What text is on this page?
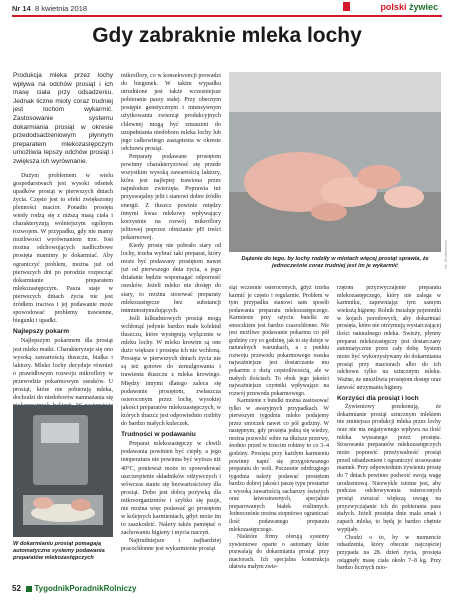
Nr 14 8 kwietnia 2018	polski żywiec
Gdy zabraknie mleka lochy

Produkcja mleka przez lochy wpływa na odchów prosiąt i ich masę ciała przy odsadzeniu. Jednak liczne mioty coraz trudniej jest lochom wykarmić. Zastosowanie systemu dokarmiania prosiąt w okresie przedodsadzeniowym płynnym preparatem mlekozastępczym umożliwia lepszy odchów prosiąt i zwiększa ich wyrównanie.

Dużym problemem w wielu gospodarstwach jest wysoki odsetek upadków prosiąt w pierwszych dniach życia. Często jest to efekt zwiększonej plenności macior. Ponadto prosięta wiedy rodzą się z niższą masą ciała i charakteryzują wolniejszym ogólnym rozwojem. W przypadku, gdy nie mamy możliwości wyrównaniem trze. Iosi można odchowujących nadliczbowe prosięta mamimy je dokarmiać. Aby ograniczyć problem, można już od pierwszych dni po porodzie rozpocząć dokarmianie preparatem mlekozastępczym. Pasza staje w pierwszych dniach życia nie jest źródłem traciwa i jej podawanie może spowodować problemy trawienne, biegunki i upadki.

Najlepszy pokarm

Najlepszym pokarmem dla prosiąt jest mleko matki. Charakteryzuje się ono wysoką zawartością tłuszczu, białka i laktozy. Mleko lochy decyduje również o prawidłowym rozwoju mikroflory w przewodzie pokarmowym osesków. U prosiąt, które nie pobierają mleka, dochodzi do niedoborów namnażania się

W dokarmianiu prosiąt pomagają automatyczne systemy podawania preparatów mlekozastępczych

mikroflory, co w konsekwencji prowadzi do biegunek. W takim wypadku utrudnione jest także wczesniejsze pobieranie paszy stałej. Przy obecnym postępie genetycznym i intensywnym użytkowaniu zwierząt produkcyjnych chlewnej mogą być zmuszeni do uzupełniania niedoboru mleka lochy lub jego całkowitego zastąpienia w okresie odchowu prosiąt.

Preparaty podawane prosiętom powinny charakteryzować się przede wszystkim wysoką zawartością laktozy, która jest najlepiej trawiona przez najmłodsze zwierzęta. Poprawia też przyswajalny jelit i stanowi dobre źródło energii. Z tłuszcz powinie między innymi kwas mlekowy wpływający korzystnie na rozwój mikroflory jelitowej poprzez obniżanie pH treści pokarmowej.

Kiedy prosię nie pobrało siary od lochy, trzeba wybrać taki preparat, który może być podawany prosiętom nawet już od pierwszego dnia życia, a jego działanie będzie wspomagać odporność osesków. Jeżeli mleko nie dostęp do siary, to można stosować preparaty mlekozastępcze bez substancji immunostymulujących.

Jeśli kilkudniowych prosiąt mogą wchłonąć jedynie bardzo małe kolektuł tłuszczu, które występują wyłącznie w mleku lochy. W mleku krowim są one dużo większe i prosięta ich nie wchłoną. Prosięta w pierwszych dniach życia nie są też gotowe do zemulgowania i trawienia tłuszczu z mleka krowiego. Między innymi dlatego zaleca się podawanie prosiętom, zwłaszcza osieroconym przez lochę, wysokiej jakości preparatów mlekozastępczych, w których tłuszcz jest odpowiednio rozbity do bardzo małych kuleczek.

Trudności w podawaniu

Preparat mlekozastępczy w chwili podawania powinien być ciepły, a jego temperatura nie powinna być wyższa niż 40°C, ponieważ może to spowodować uszczerpienie składników odżywczych i wówczas stanie się bezwartościowy dla prosiąt. Dobo jest dobrą pożywką dla mikroorganizmów i szybko się psuje, nie można więc podawać go prosiętom w kolejnych karmieniach, gdyż może im to zaszkodzić. Należy także pamiętać o zachowaniu higieny i mycia naczyń.

Najtrudniejsze i najbardziej pracochłonne jest wykarmienie prosiąt

fot. Shutterstock
Dążenie do tego, by lochy rodziły w miotach więcej prosiąt sprawia, że jednocześnie coraz trudniej jest im je wykarmić

siąt wcześnie osieroconych, gdyż trzeba karmić je często i regularnie. Problem w tym przypadku stanowi sam sposób podawania preparatu mlekozastępczego. Karmienie przy użyciu butelki ze smoczkiem jest bardzo czasochłonne. Nie jest możliwe podawanie pokarmu co pół godziny czy co godzinę, jak to się dzieje w naturalnych warunkach, a z punktu rozwoju przewodu pokarmowego oseska najważniejsze jest dostarczanie mu pokarmu z dużą częstotliwością, ale w małych ilościach. To obok jego jakości najważniejsze czynniki wpływające na rozwój przewodu pokarmowego.

Karmienie z butelki można zastosować tylko w awaryjnych przypadkach. W pierwszym tygodniu mleko podajemy przez smoczek nawet co pół godziny. W następnym, gdy prosięta jedną się wiedzy, można pozwolić sobie na dłuższe przerwy, średnio przed w trzecim robimy to co 3–4 godziny. Prosięta przy każdym karmieniu powinny napić się przygotowanego preparatu do woli. Poczesnie odrdrugiego tygodnia należy podawać prosiętom bardzo dobrej jakości paszę typu prestarter z wysoką zawartością sacharozy świeżych oraz łatwostrawnych, specjalnie preparowanych białek roślinnych. Jednocześnie można stopniowo ograniczać ilość podawanego preparatu mlekozastępczego.

Niektóre firmy oferują systemy zywieniowe oparte o automaty które pozwalają do dokarmiania prosiąt przy maciorach. Ich specjalna konstrukcja ułatwia małym zwie-

rzętom przyzwyczajenie preparatu mlekozastępczego, który nie zalega w karmniku, zapewniając tym samym wieksżą higienę. Rolnik instaluje pojemniki w kojach porodowych, aby dokarmiać prosięta, które nie otrzymują wystarczającej ilości naturalnego mleka. Świeży, płynny preparat mlekozastępczy jest dostarczany automatycznie przez cały dobę. System może być wykorzystywany do dokarmiania prosiąt przy maciorach albo do ich odchowu tylko na sztucznym mleku. Ważne, że umożliwia prosiętom dostęp oraz łatwość utrzymania higieny.

Korzyści dla prosiąt i loch

Żywieniowy przekonują, że dokarmianie prosiąt sztucznym mlekiem nie zmniejsza produkcji mleka przez lochy oraz nie ma negatywnego wpływu na ilość mleka wyssanego przez prosięta. Stosowanie preparatów mlekozastępczych może poprawić przeżywalność prosiąt przed odsadzeniem i ograniczyć stosowanie mamek. Przy odpowiednim żywieniu prosię do 7 dniach powinno podwoić swoją wagę urodzeniową. Niezwykle istotne jest, aby podczas odchowywania osieroconych prosiąt zwracać większą uwagę na przyzwyczajanie ich do pobierania pasz stałych. Jeżeli prosięta dnie mała smak i zapach mleka, to będą je bardzo chętnie wypijały.

Chodzi o to, by w momencie odsadzenia, który obecnie najczęściej przypada na 28. dzień życia, prosięta osiągnęły masę ciała około 7–8 kg. Przy bardzo licznych mio-

52 TygodnikPoradnikRolniczy
